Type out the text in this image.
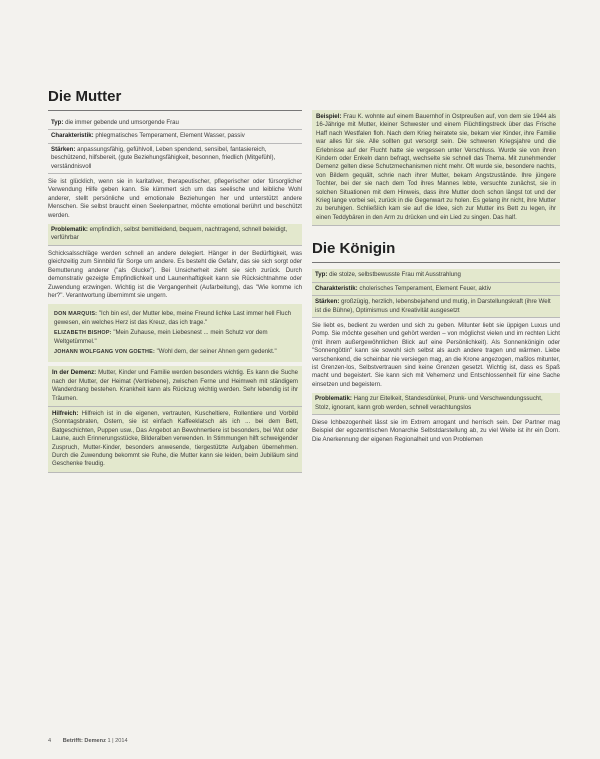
Die Mutter
Typ: die immer gebende und umsorgende Frau
Charakteristik: phlegmatisches Temperament, Element Wasser, passiv
Stärken: anpassungsfähig, gefühlvoll, Leben spendend, sensibel, fantasiereich, beschützend, hilfsbereit, (gute Beziehungsfähigkeit, besonnen, friedlich (Mitgefühl), verständnisvoll

Sie ist glücklich, wenn sie in karitativer, therapeutischer, pflegerischer oder fürsorglicher Verwendung Hilfe geben kann. Sie kümmert sich um das seelische und leibliche Wohl anderer, stellt persönliche und emotionale Beziehungen her und unterstützt andere Menschen. Sie selbst braucht einen Seelenpartner, möchte emotional berührt und beschützt werden.

Problematik: empfindlich, selbst bemitleidend, bequem, nachtragend, schnell beleidigt, verführbar

Schicksalsschläge werden schnell an andere delegiert. Hänger in der Bedürftigkeit, was gleichzeitig zum Sinnbild für Sorge um andere. Es besteht die Gefahr, das sie sich sorgt oder Bemutterung anderer ("als Glucke"). Bei Unsicherheit zieht sie sich zurück. Durch demonstrativ gezeigte Empfindlichkeit und Launenhaftigkeit kann sie Rücksichtnahme oder Zuwendung erzwingen. Wichtig ist die Vergangenheit (Aufarbeitung), das "Wie komme ich her?". Verantwortung übernimmt sie ungern.

DON MARQUIS: "Ich bin es!, der Mutter lebe, meine Freund lichke Last immer hell Fluch gewesen, ein welches Herz ist das Kreuz, das ich trage."

ELIZABETH BISHOP: "Mein Zuhause, mein Liebesnest ... mein Schutz vor dem Weltgetümmel."

JOHANN WOLFGANG VON GOETHE: "Wohl dem, der seiner Ahnen gern gedenkt."

In der Demenz: Mutter, Kinder und Familie werden besonders wichtig. Es kann die Suche nach der Mutter, der Heimat (Vertriebene), zwischen Ferne und Heimweh mit ständigem Wanderdrang bestehen. Krankheit kann als Rückzug wichtig werden. Sehr lebendig ist ihr Träumen.
Hilfreich: Hilfreich ist in die eigenen, vertrauten, Kuscheltiere, Rollentiere und Vorbild (Sonntagsbraten, Ostern, sie ist einfach Kaffeeklatsch als ich ... bei dem Bett, Batgeschichten, Puppen usw., Das Angebot an Bewohnertiere ist besonders, bei Wut oder Laune, auch Erinnerungsstücke, Bilderalben verwenden. In Stimmungen hilft schweigender Zuspruch, Mutter-Kinder, besonders anwesende, tiergestützte Aufgaben übernehmen. Durch die Zuwendung bekommt sie Ruhe, die Mutter kann sie leiden, beim Jubiläum sind Geschenke freudig.
Beispiel: Frau K. wohnte auf einem Bauernhof in Ostpreußen auf, von dem sie 1944 als 16-Jährige mit Mutter, kleiner Schwester und einem Flüchtlingstreck über das Frische Haff nach Westfalen floh. Nach dem Krieg heiratete sie, bekam vier Kinder, ihre Familie war alles für sie. Alle sollten gut versorgt sein. Die schweren Kriegsjahre und die Erlebnisse auf der Flucht hatte sie vergessen unter Verschluss. Wurde sie von ihren Kindern oder Enkeln dann befragt, wechselte sie schnell das Thema. Mit zunehmender Demenz gelten diese Schutzmechanismen nicht mehr. Oft wurde sie, besondere nachts, von Bildern gequält, schrie nach ihrer Mutter, bekam Angstzustände. Ihre jüngere Tochter, bei der sie nach dem Tod ihres Mannes lebte, versuchte zunächst, sie in solchen Situationen mit dem Hinweis, dass ihre Mutter doch schon längst tot und der Krieg lange vorbei sei, zurück in die Gegenwart zu holen. Es gelang ihr nicht, ihre Mutter zu beruhigen. Schließlich kam sie auf die Idee, sich zur Mutter ins Bett zu legen, ihr einen Teddybären in den Arm zu drücken und ein Lied zu singen. Das half.
Die Königin
Typ: die stolze, selbstbewusste Frau mit Ausstrahlung
Charakteristik: cholerisches Temperament, Element Feuer, aktiv
Stärken: großzügig, herzlich, lebensbejahend und mutig, in Darstellungskraft (ihre Welt ist die Bühne), Optimismus und Kreativität ausgesetzt

Sie liebt es, bedient zu werden und sich zu geben. Mitunter liebt sie üppigen Luxus und Pomp. Sie möchte gesehen und gehört werden – von möglichst vielen und im rechten Licht (mit ihrem außergewöhnlichen Blick auf eine Persönlichkeit). Als Sonnenkönigin oder "Sonnengöttin" kann sie sowohl sich selbst als auch andere tragen und wärmen. Liebe verschenkend, die scheinbar nie versiegen mag, an die Krone angezogen, maßlos mitunter, ist Grenzen-los, Selbstvertrauen sind keine Grenzen gesetzt. Wichtig ist, dass es Spaß macht und begeistert. Sie kann sich mit Vehemenz und Entschlossenheit für eine Sache einsetzen und begeistern.

Problematik: Hang zur Eitelkeit, Standesdünkel, Prunk- und Verschwendungssucht, Stolz, ignorant, kann grob werden, schnell verachtungslos

Diese Ichbezogenheit lässt sie im Extrem arrogant und herrisch sein. Der Partner mag Beispiel der egozentrischen Monarchie Selbstdarstellung ab, zu viel Weite ist ihr ein Dorn. Die Anerkennung der eigenen Regionalheit und von Problemen

4 Betrifft: Demenz 1 | 2014
